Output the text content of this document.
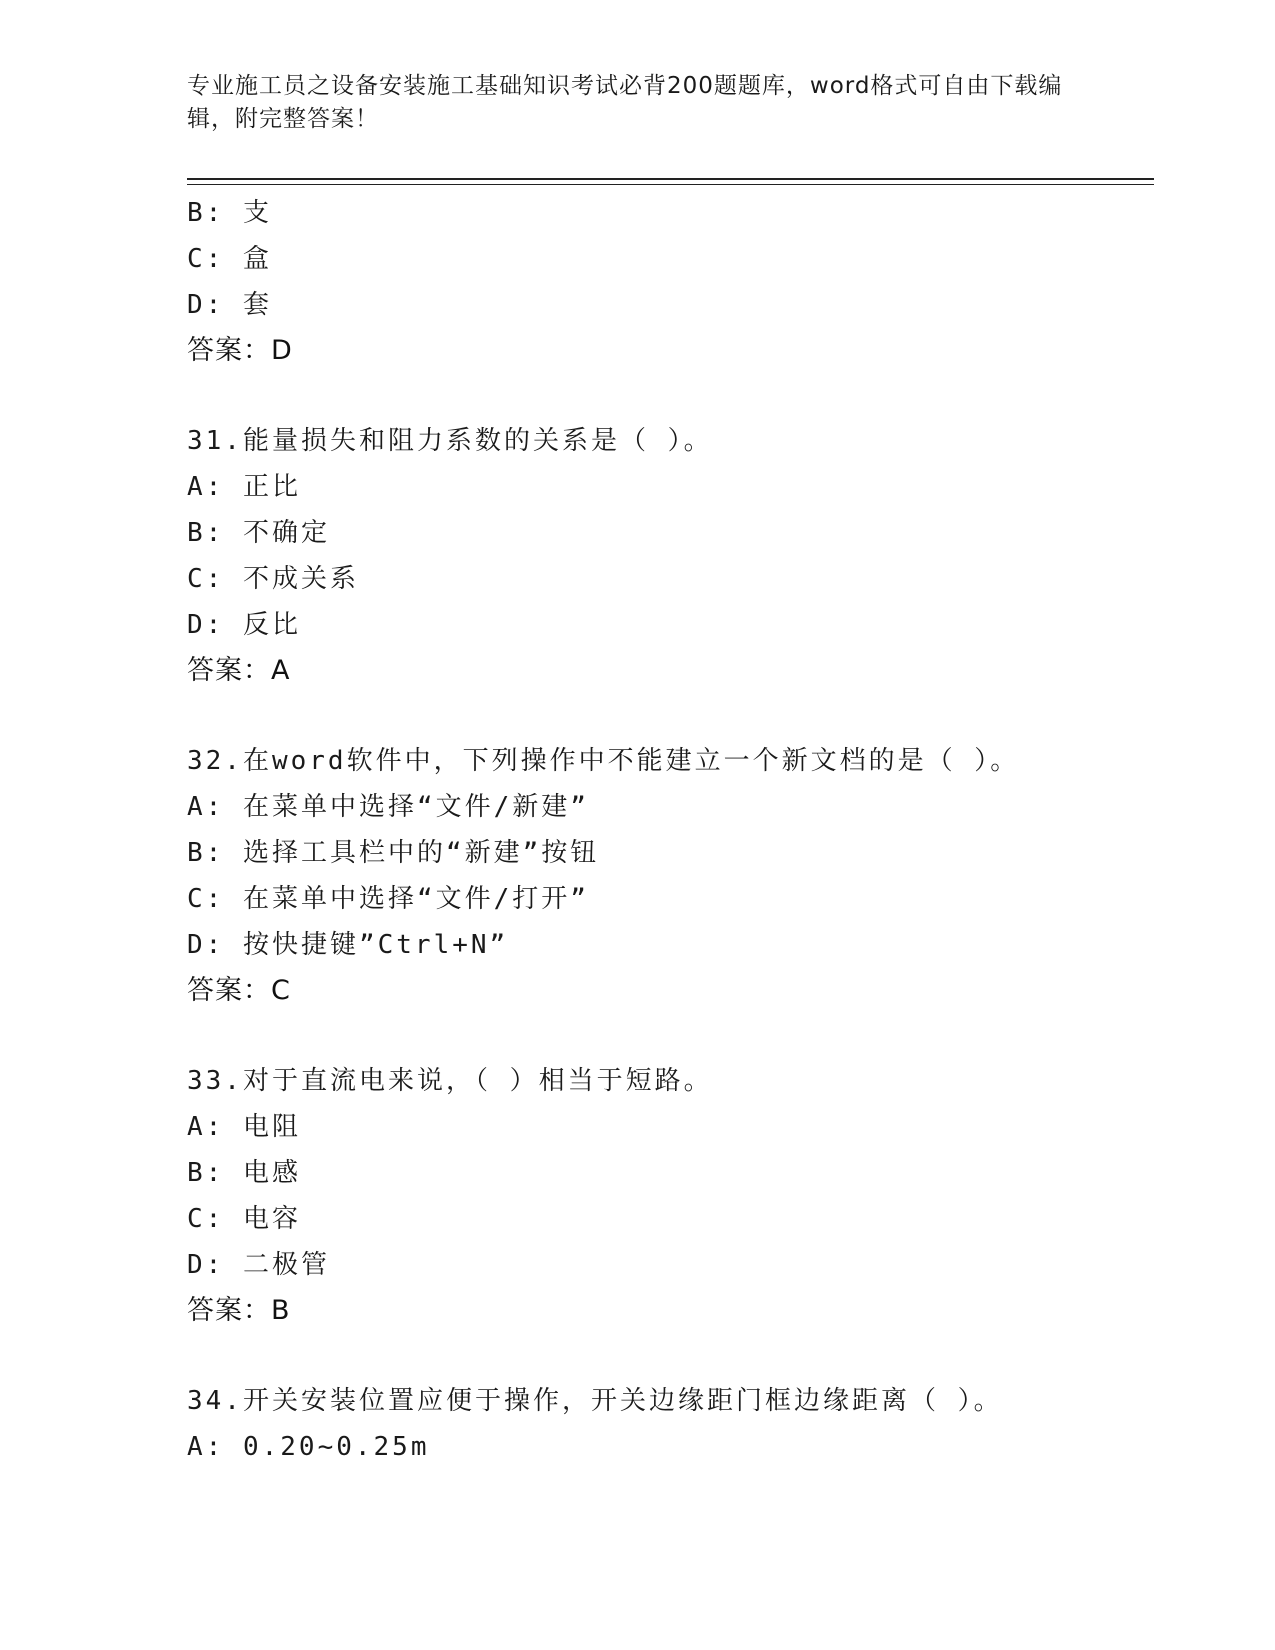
专业施工员之设备安装施工基础知识考试必背200题题库，word格式可自由下载编辑，附完整答案！
B: 支
C: 盒
D: 套
答案：D
31.能量损失和阻力系数的关系是（ ）。
A: 正比
B: 不确定
C: 不成关系
D: 反比
答案：A
32.在word软件中，下列操作中不能建立一个新文档的是（ ）。
A: 在菜单中选择“文件/新建”
B: 选择工具栏中的“新建”按钮
C: 在菜单中选择“文件/打开”
D: 按快捷键”Ctrl+N”
答案：C
33.对于直流电来说，（ ）相当于短路。
A: 电阻
B: 电感
C: 电容
D: 二极管
答案：B
34.开关安装位置应便于操作，开关边缘距门框边缘距离（ ）。
A: 0.20~0.25m
